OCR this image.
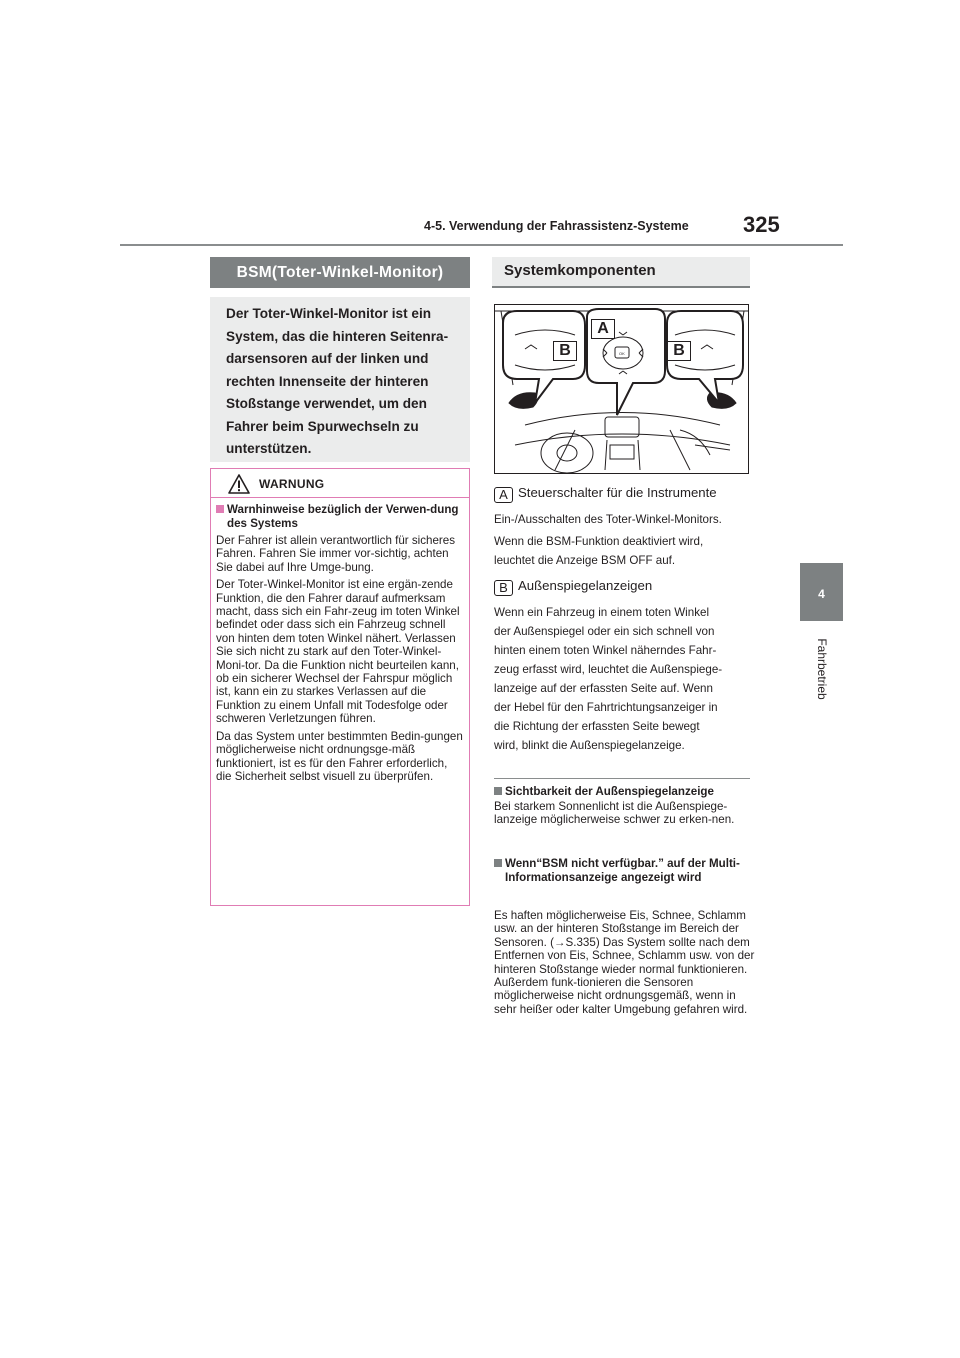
4-5. Verwendung der Fahrassistenz-Systeme 325
4
Fahrbetrieb
BSM(Toter-Winkel-Monitor)

Der Toter-Winkel-Monitor ist ein

System, das die hinteren Seitenra-

darsensoren auf der linken und

rechten Innenseite der hinteren

Stoßstange verwendet, um den

Fahrer beim Spurwechseln zu

unterstützen.

WARNUNG
Warnhinweise bezüglich der Verwen-dung des Systems

Der Fahrer ist allein verantwortlich für sicheres Fahren. Fahren Sie immer vor-sichtig, achten Sie dabei auf Ihre Umge-bung.

Der Toter-Winkel-Monitor ist eine ergän-zende Funktion, die den Fahrer darauf aufmerksam macht, dass sich ein Fahr-zeug im toten Winkel befindet oder dass sich ein Fahrzeug schnell von hinten dem toten Winkel nähert. Verlassen Sie sich nicht zu stark auf den Toter-Winkel-Moni-tor. Da die Funktion nicht beurteilen kann, ob ein sicherer Wechsel der Fahrspur möglich ist, kann ein zu starkes Verlassen auf die Funktion zu einem Unfall mit Todesfolge oder schweren Verletzungen führen.

Da das System unter bestimmten Bedin-gungen möglicherweise nicht ordnungsge-mäß funktioniert, ist es für den Fahrer erforderlich, die Sicherheit selbst visuell zu überprüfen.

Systemkomponenten
OK
A
B	B
A Steuerschalter für die Instrumente
Ein-/Ausschalten des Toter-Winkel-Monitors.
Wenn die BSM-Funktion deaktiviert wird,
leuchtet die Anzeige BSM OFF auf.
B Außenspiegelanzeigen
Wenn ein Fahrzeug in einem toten Winkel
der Außenspiegel oder ein sich schnell von
hinten einem toten Winkel näherndes Fahr-
zeug erfasst wird, leuchtet die Außenspiege-
lanzeige auf der erfassten Seite auf. Wenn
der Hebel für den Fahrtrichtungsanzeiger in
die Richtung der erfassten Seite bewegt
wird, blinkt die Außenspiegelanzeige.
Sichtbarkeit der Außenspiegelanzeige

Bei starkem Sonnenlicht ist die Außenspiege-lanzeige möglicherweise schwer zu erken-nen.

Wenn“BSM nicht verfügbar.” auf der Multi-Informationsanzeige angezeigt wird

Es haften möglicherweise Eis, Schnee, Schlamm usw. an der hinteren Stoßstange im Bereich der Sensoren. (→S.335) Das System sollte nach dem Entfernen von Eis, Schnee, Schlamm usw. von der hinteren Stoßstange wieder normal funktionieren. Außerdem funk-tionieren die Sensoren möglicherweise nicht ordnungsgemäß, wenn in sehr heißer oder kalter Umgebung gefahren wird.
